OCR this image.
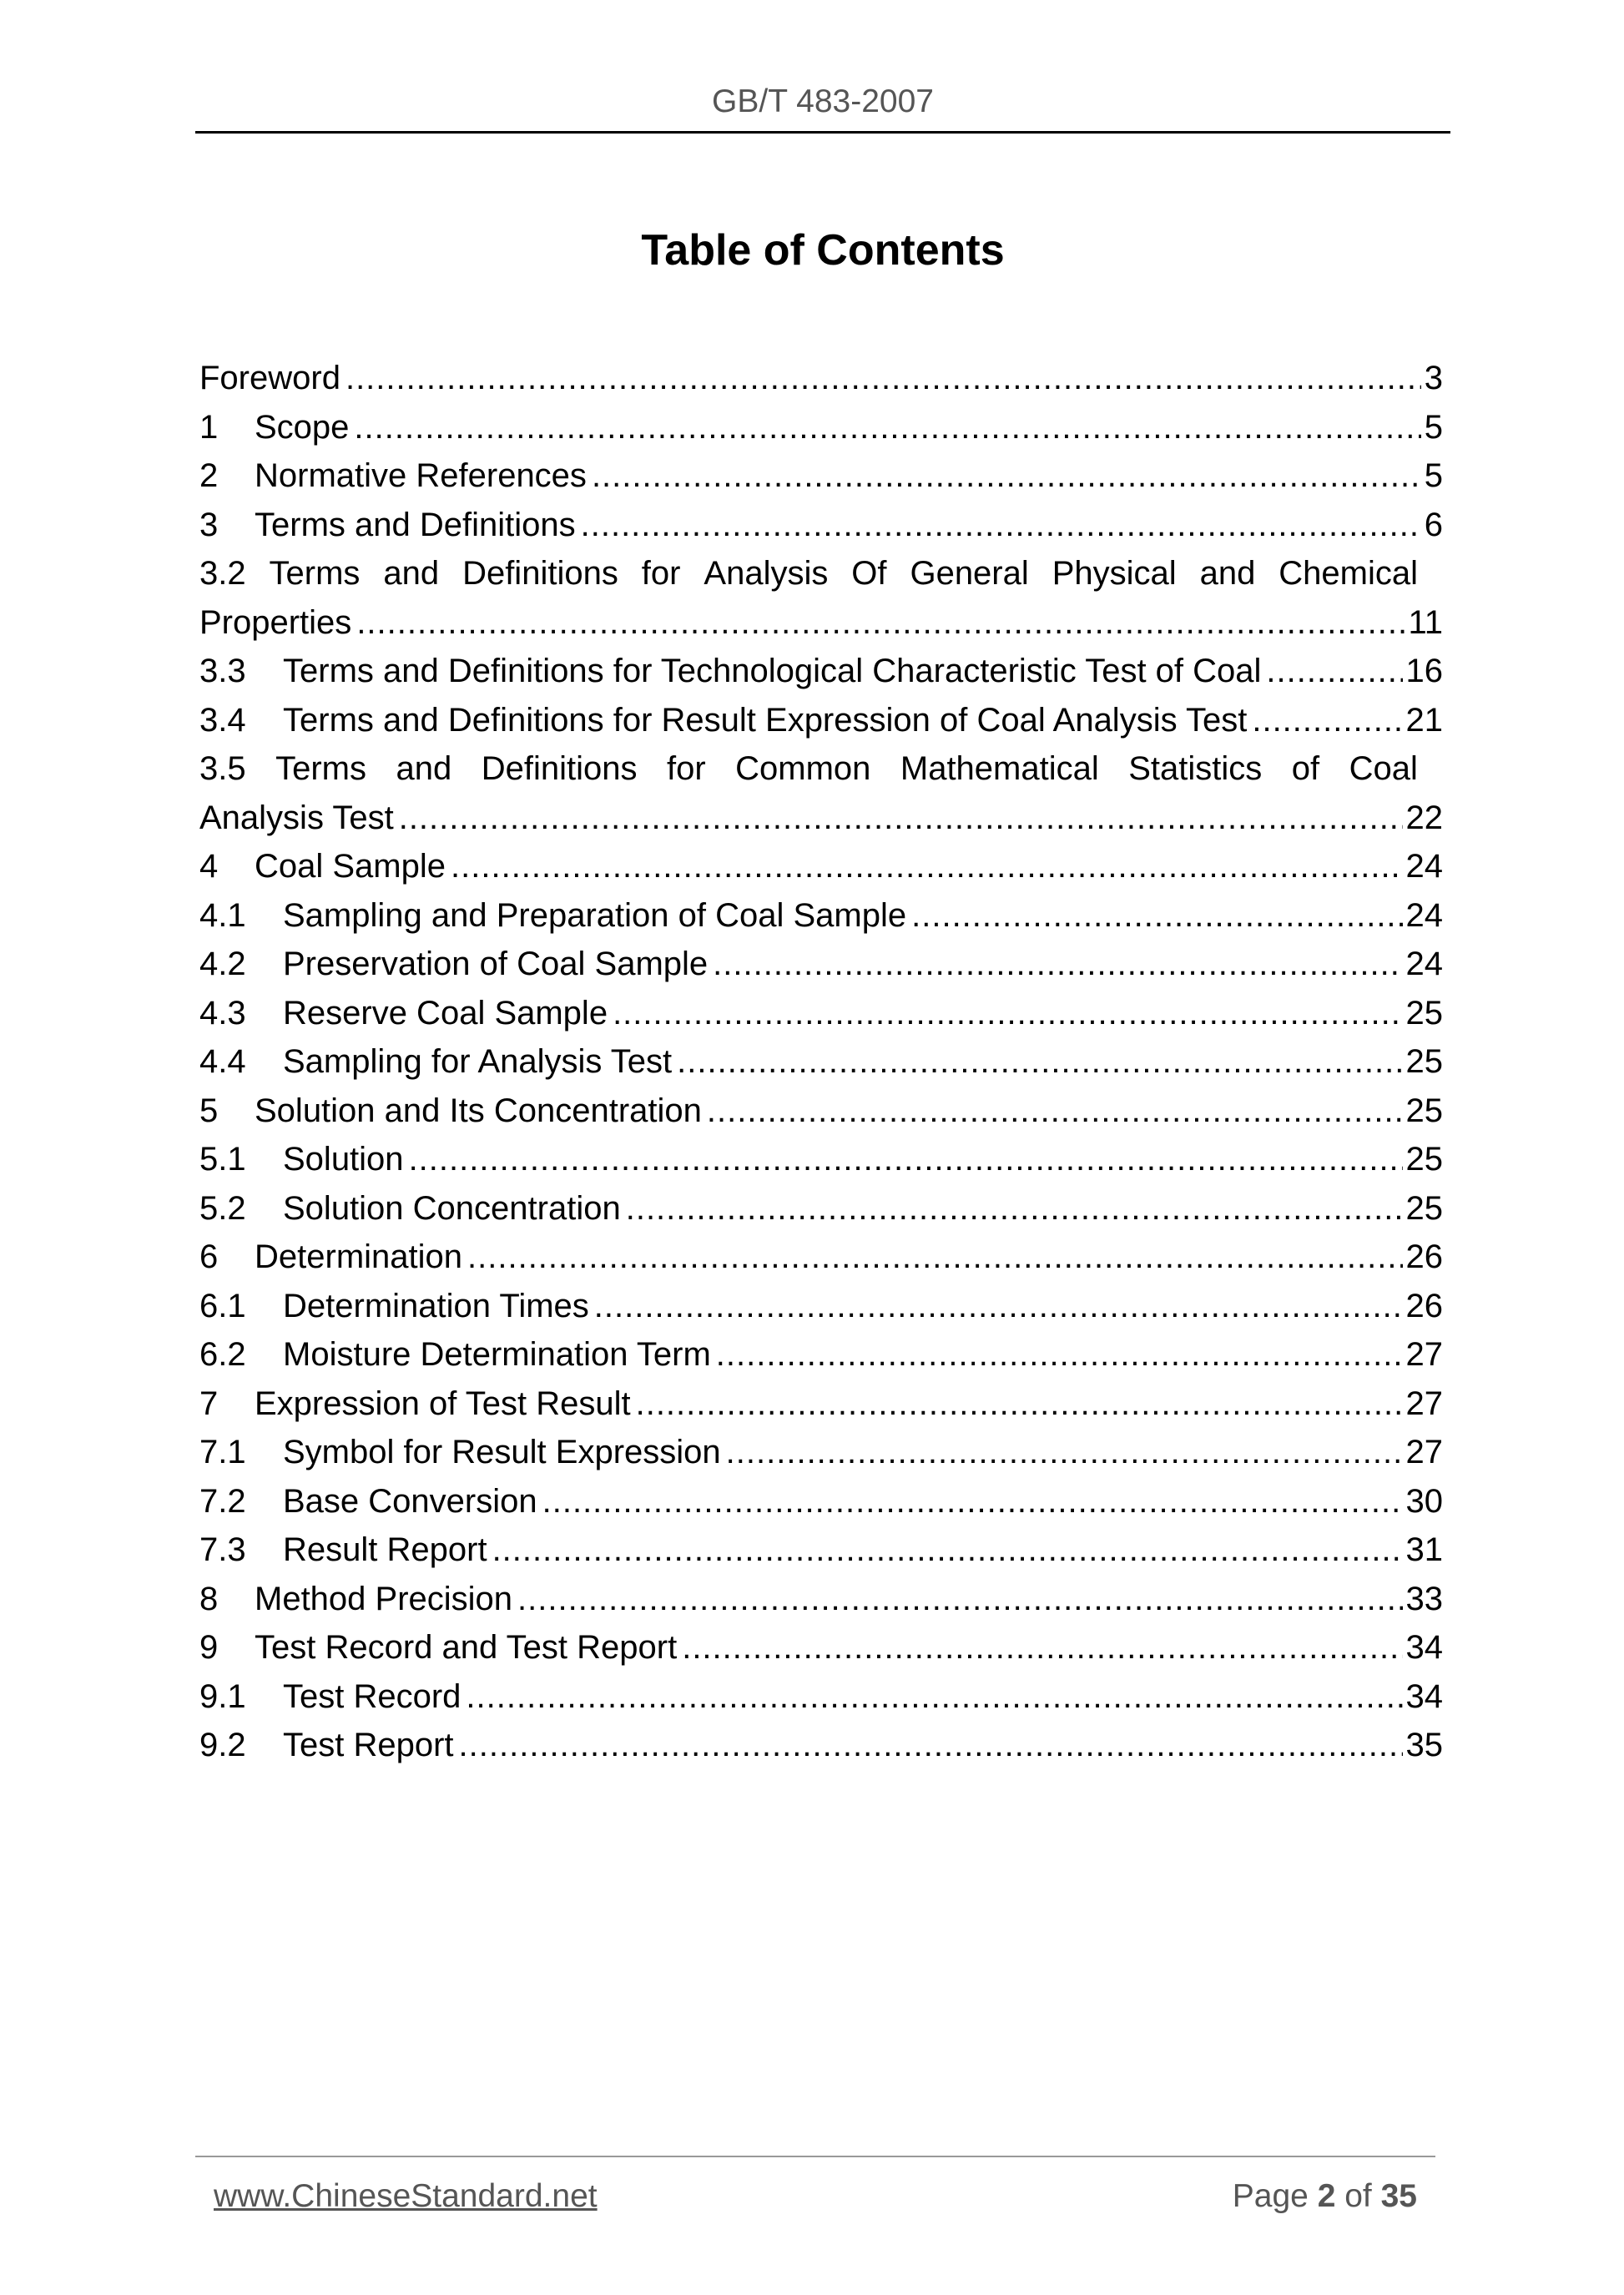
GB/T 483-2007
Table of Contents
Foreword .....	3
1	Scope .....	5
2	Normative References .....	5
3	Terms and Definitions .....	6
3.2 Terms and Definitions for Analysis Of General Physical and Chemical
Properties .....	11
3.3	Terms and Definitions for Technological Characteristic Test of Coal .....	16
3.4	Terms and Definitions for Result Expression of Coal Analysis Test .....	21
3.5 Terms and Definitions for Common Mathematical Statistics of Coal
Analysis Test .....	22
4	Coal Sample .....	24
4.1	Sampling and Preparation of Coal Sample .....	24
4.2	Preservation of Coal Sample .....	24
4.3	Reserve Coal Sample .....	25
4.4	Sampling for Analysis Test .....	25
5	Solution and Its Concentration .....	25
5.1	Solution .....	25
5.2	Solution Concentration .....	25
6	Determination .....	26
6.1	Determination Times .....	26
6.2	Moisture Determination Term .....	27
7	Expression of Test Result .....	27
7.1	Symbol for Result Expression .....	27
7.2	Base Conversion .....	30
7.3	Result Report .....	31
8	Method Precision .....	33
9	Test Record and Test Report .....	34
9.1	Test Record .....	34
9.2	Test Report .....	35
www.ChineseStandard.net	Page 2 of 35
